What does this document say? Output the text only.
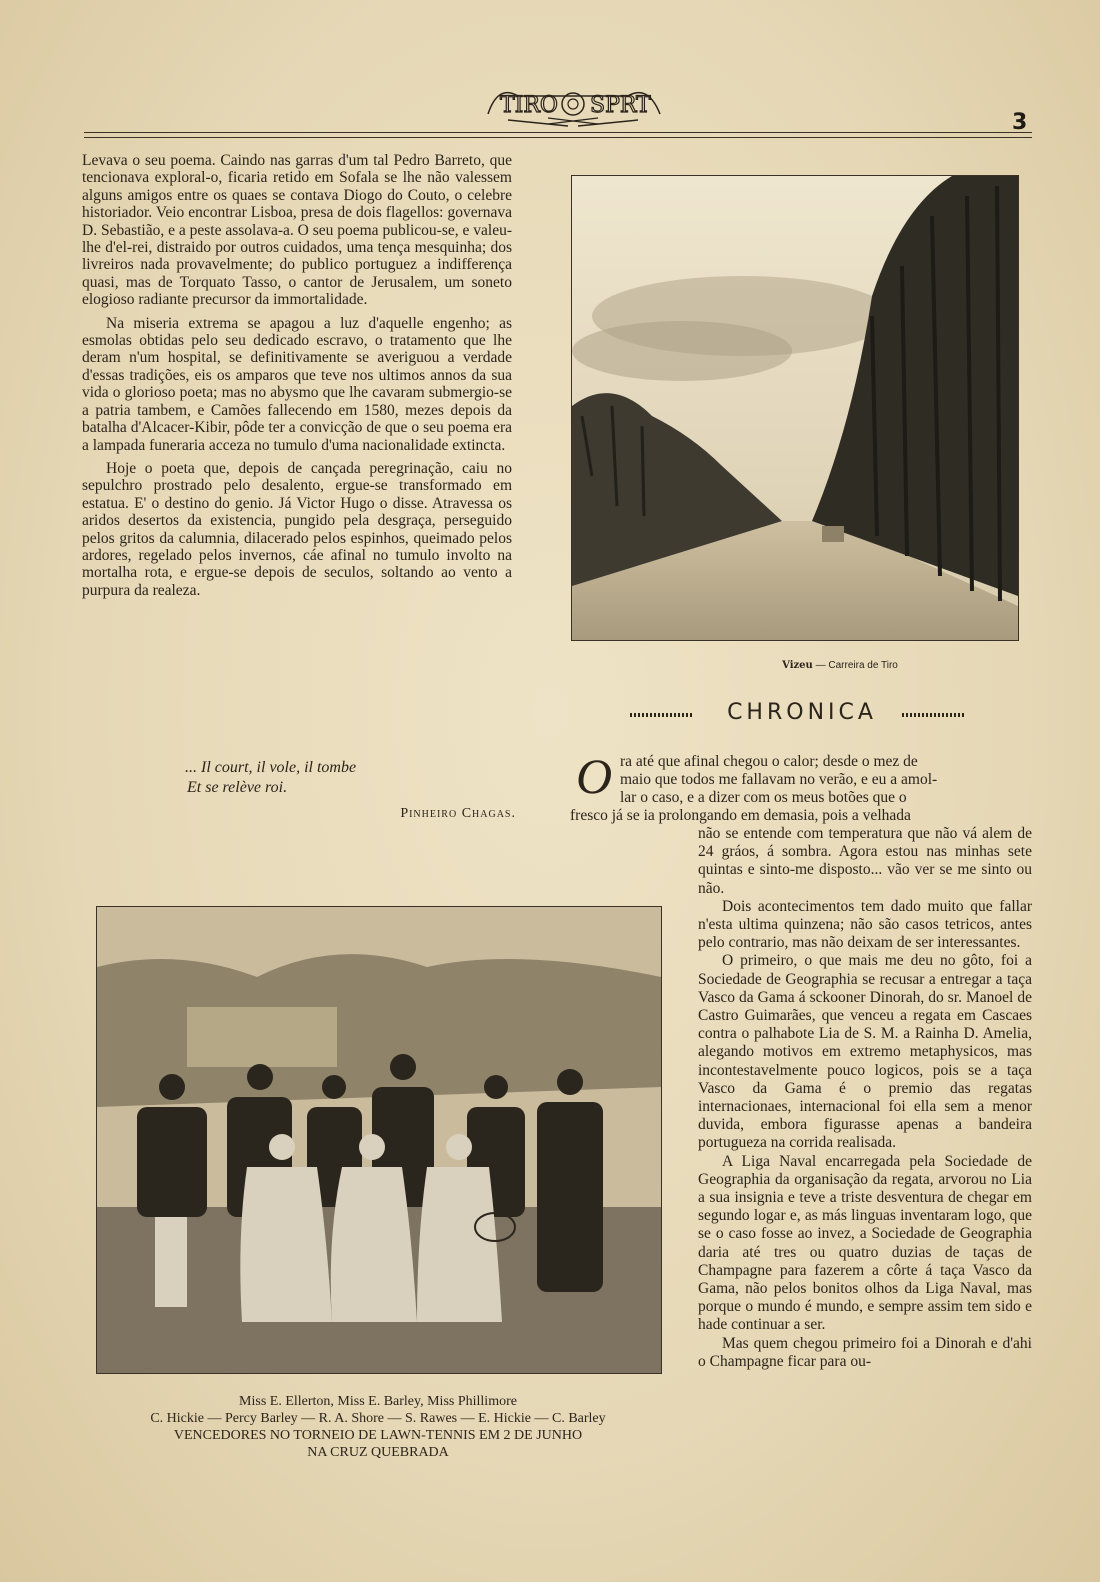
TIRO SPRT
3

Levava o seu poema. Caindo nas garras d'um tal Pedro Barreto, que tencionava exploral-o, ficaria retido em Sofala se lhe não valessem alguns amigos entre os quaes se contava Diogo do Couto, o celebre historiador. Veio encontrar Lisboa, presa de dois flagellos: governava D. Sebastião, e a peste assolava-a. O seu poema publicou-se, e valeu-lhe d'el-rei, distraido por outros cuidados, uma tença mesquinha; dos livreiros nada provavelmente; do publico portuguez a indifferença quasi, mas de Torquato Tasso, o cantor de Jerusalem, um soneto elogioso radiante precursor da immortalidade.

Na miseria extrema se apagou a luz d'aquelle engenho; as esmolas obtidas pelo seu dedicado escravo, o tratamento que lhe deram n'um hospital, se definitivamente se averiguou a verdade d'essas tradições, eis os amparos que teve nos ultimos annos da sua vida o glorioso poeta; mas no abysmo que lhe cavaram submergio-se a patria tambem, e Camões fallecendo em 1580, mezes depois da batalha d'Alcacer-Kibir, pôde ter a convicção de que o seu poema era a lampada funeraria acceza no tumulo d'uma nacionalidade extincta.

Hoje o poeta que, depois de cançada peregrinação, caiu no sepulchro prostrado pelo desalento, ergue-se transformado em estatua. E' o destino do genio. Já Victor Hugo o disse. Atravessa os aridos desertos da existencia, pungido pela desgraça, perseguido pelos gritos da calumnia, dilacerado pelos espinhos, queimado pelos ardores, regelado pelos invernos, cáe afinal no tumulo involto na mortalha rota, e ergue-se depois de seculos, soltando ao vento a purpura da realeza.

... Il court, il vole, il tombe
Et se relève roi.
Pinheiro Chagas.
Vizeu — Carreira de Tiro
CHRONICA
O ra até que afinal chegou o calor; desde o mez de
maio que todos me fallavam no verão, e eu a amol-
lar o caso, e a dizer com os meus botões que o
fresco já se ia prolongando em demasia, pois a velhada

não se entende com temperatura que não vá alem de 24 gráos, á sombra. Agora estou nas minhas sete quintas e sinto-me disposto... vão ver se me sinto ou não.

Dois acontecimentos tem dado muito que fallar n'esta ultima quinzena; não são casos tetricos, antes pelo contrario, mas não deixam de ser interessantes.

O primeiro, o que mais me deu no gôto, foi a Sociedade de Geographia se recusar a entregar a taça Vasco da Gama á sckooner Dinorah, do sr. Manoel de Castro Guimarães, que venceu a regata em Cascaes contra o palhabote Lia de S. M. a Rainha D. Amelia, alegando motivos em extremo metaphysicos, mas incontestavelmente pouco logicos, pois se a taça Vasco da Gama é o premio das regatas internacionaes, internacional foi ella sem a menor duvida, embora figurasse apenas a bandeira portugueza na corrida realisada.

A Liga Naval encarregada pela Sociedade de Geographia da organisação da regata, arvorou no Lia a sua insignia e teve a triste desventura de chegar em segundo logar e, as más linguas inventaram logo, que se o caso fosse ao invez, a Sociedade de Geographia daria até tres ou quatro duzias de taças de Champagne para fazerem a côrte á taça Vasco da Gama, não pelos bonitos olhos da Liga Naval, mas porque o mundo é mundo, e sempre assim tem sido e hade continuar a ser.

Mas quem chegou primeiro foi a Dinorah e d'ahi o Champagne ficar para ou-

Miss E. Ellerton, Miss E. Barley, Miss Phillimore
C. Hickie — Percy Barley — R. A. Shore — S. Rawes — E. Hickie — C. Barley
VENCEDORES NO TORNEIO DE LAWN-TENNIS EM 2 DE JUNHO
NA CRUZ QUEBRADA
